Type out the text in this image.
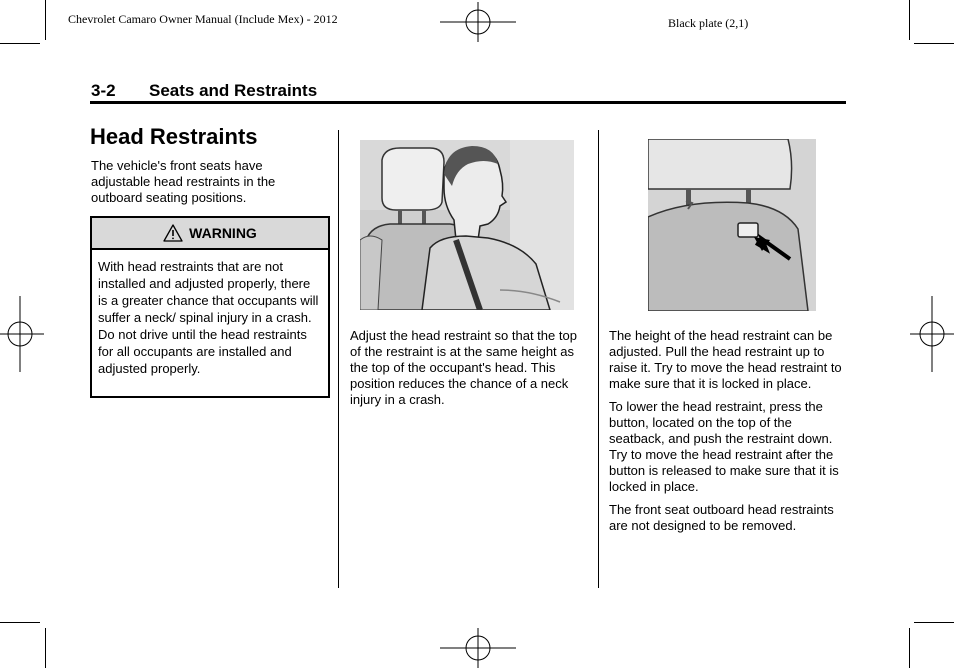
Chevrolet Camaro Owner Manual (Include Mex) - 2012	Black plate (2,1)
3-2 Seats and Restraints
Head Restraints

The vehicle's front seats have adjustable head restraints in the outboard seating positions.

WARNING
With head restraints that are not installed and adjusted properly, there is a greater chance that occupants will suffer a neck/ spinal injury in a crash. Do not drive until the head restraints for all occupants are installed and adjusted properly.
Adjust the head restraint so that the top of the restraint is at the same height as the top of the occupant's head. This position reduces the chance of a neck injury in a crash.

The height of the head restraint can be adjusted. Pull the head restraint up to raise it. Try to move the head restraint to make sure that it is locked in place.

To lower the head restraint, press the button, located on the top of the seatback, and push the restraint down. Try to move the head restraint after the button is released to make sure that it is locked in place.

The front seat outboard head restraints are not designed to be removed.
